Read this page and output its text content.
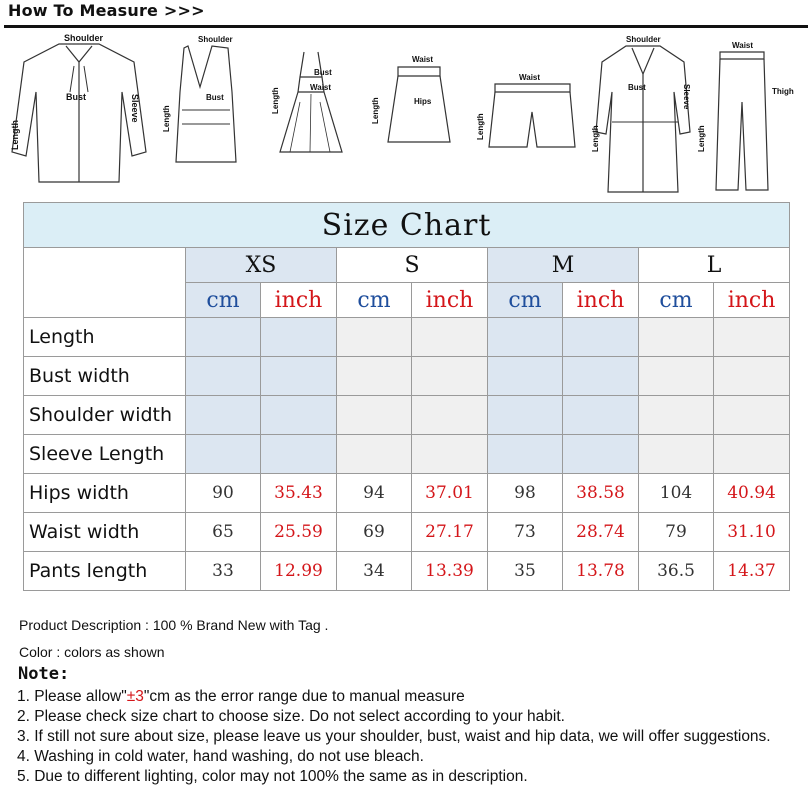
How To Measure >>>
Shoulder
Bust	Sleeve
Length
Shoulder
Bust
Length
Bust
Waist
Length
Waist
Hips
Length
Waist
Length
Shoulder
Bust	Sleeve
Length
Waist
Thigh
Length
Size Chart								
	XS		S		M		L	
	cm	inch	cm	inch	cm	inch	cm	inch
Length								
Bust width								
Shoulder width								
Sleeve Length								
Hips width	90	35.43	94	37.01	98	38.58	104	40.94
Waist width	65	25.59	69	27.17	73	28.74	79	31.10
Pants length	33	12.99	34	13.39	35	13.78	36.5	14.37
Product Description : 100 % Brand New with Tag .
Color : colors as shown
Note:
1. Please allow"±3"cm as the error range due to manual measure
2. Please check size chart to choose size. Do not select according to your habit.
3. If still not sure about size, please leave us your shoulder, bust, waist and hip data, we will offer suggestions.
4. Washing in cold water, hand washing, do not use bleach.
5. Due to different lighting, color may not 100% the same as in description.
